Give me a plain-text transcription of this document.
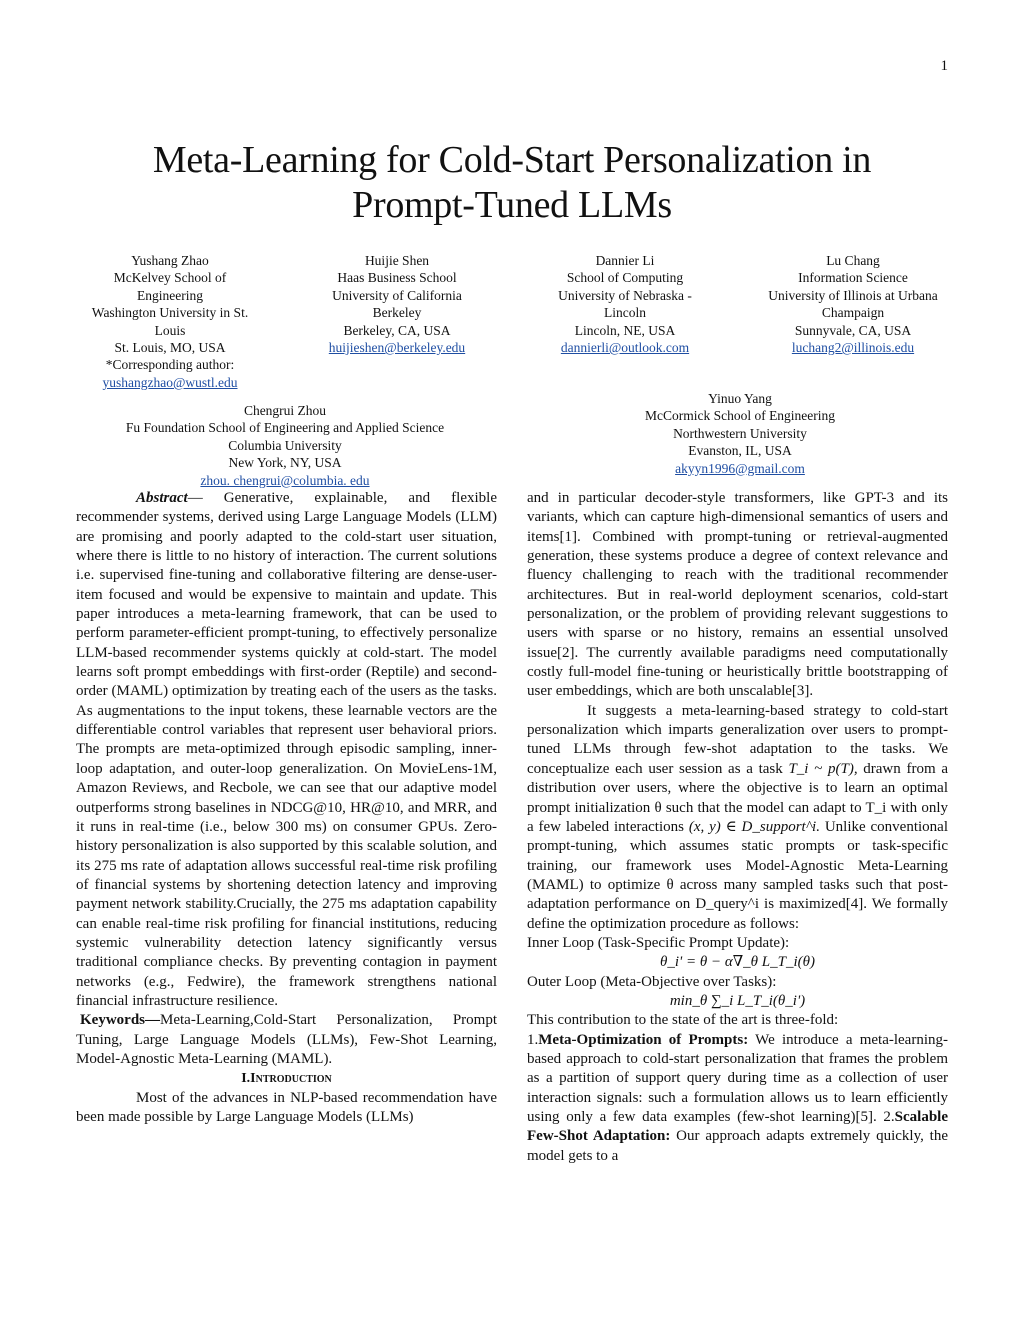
1
Meta-Learning for Cold-Start Personalization in
Prompt-Tuned LLMs
Yushang Zhao
McKelvey School of
Engineering
Washington University in St.
Louis
St. Louis, MO, USA
*Corresponding author:
yushangzhao@wustl.edu
Huijie Shen
Haas Business School
University of California
Berkeley
Berkeley, CA, USA
huijieshen@berkeley.edu
Dannier Li
School of Computing
University of Nebraska -
Lincoln
Lincoln, NE, USA
dannierli@outlook.com
Lu Chang
Information Science
University of Illinois at Urbana
Champaign
Sunnyvale, CA, USA
luchang2@illinois.edu
Chengrui Zhou
Fu Foundation School of Engineering and Applied Science
Columbia University
New York, NY, USA
zhou. chengrui@columbia. edu
Yinuo Yang
McCormick School of Engineering
Northwestern University
Evanston, IL, USA
akyyn1996@gmail.com

Abstract— Generative, explainable, and flexible recommender systems, derived using Large Language Models (LLM) are promising and poorly adapted to the cold-start user situation, where there is little to no history of interaction. The current solutions i.e. supervised fine-tuning and collaborative filtering are dense-user-item focused and would be expensive to maintain and update. This paper introduces a meta-learning framework, that can be used to perform parameter-efficient prompt-tuning, to effectively personalize LLM-based recommender systems quickly at cold-start. The model learns soft prompt embeddings with first-order (Reptile) and second-order (MAML) optimization by treating each of the users as the tasks. As augmentations to the input tokens, these learnable vectors are the differentiable control variables that represent user behavioral priors. The prompts are meta-optimized through episodic sampling, inner-loop adaptation, and outer-loop generalization. On MovieLens-1M, Amazon Reviews, and Recbole, we can see that our adaptive model outperforms strong baselines in NDCG@10, HR@10, and MRR, and it runs in real-time (i.e., below 300 ms) on consumer GPUs. Zero-history personalization is also supported by this scalable solution, and its 275 ms rate of adaptation allows successful real-time risk profiling of financial systems by shortening detection latency and improving payment network stability.Crucially, the 275 ms adaptation capability can enable real-time risk profiling for financial institutions, reducing systemic vulnerability detection latency significantly versus traditional compliance checks. By preventing contagion in payment networks (e.g., Fedwire), the framework strengthens national financial infrastructure resilience.

Keywords—Meta-Learning,Cold-Start Personalization, Prompt Tuning, Large Language Models (LLMs), Few-Shot Learning, Model-Agnostic Meta-Learning (MAML).

I.Introduction

Most of the advances in NLP-based recommendation have been made possible by Large Language Models (LLMs)

and in particular decoder-style transformers, like GPT-3 and its variants, which can capture high-dimensional semantics of users and items[1]. Combined with prompt-tuning or retrieval-augmented generation, these systems produce a degree of context relevance and fluency challenging to reach with the traditional recommender architectures. But in real-world deployment scenarios, cold-start personalization, or the problem of providing relevant suggestions to users with sparse or no history, remains an essential unsolved issue[2]. The currently available paradigms need computationally costly full-model fine-tuning or heuristically brittle bootstrapping of user embeddings, which are both unscalable[3].

It suggests a meta-learning-based strategy to cold-start personalization which imparts generalization over users to prompt-tuned LLMs through few-shot adaptation to the tasks. We conceptualize each user session as a task T_i ~ p(T), drawn from a distribution over users, where the objective is to learn an optimal prompt initialization θ such that the model can adapt to T_i with only a few labeled interactions (x, y) ∈ D_support^i. Unlike conventional prompt-tuning, which assumes static prompts or task-specific training, our framework uses Model-Agnostic Meta-Learning (MAML) to optimize θ across many sampled tasks such that post-adaptation performance on D_query^i is maximized[4]. We formally define the optimization procedure as follows:

Inner Loop (Task-Specific Prompt Update):

θ_i' = θ − α∇_θ L_T_i(θ)

Outer Loop (Meta-Objective over Tasks):

min_θ ∑_i L_T_i(θ_i')

This contribution to the state of the art is three-fold:

1.Meta-Optimization of Prompts: We introduce a meta-learning-based approach to cold-start personalization that frames the problem as a partition of support query during time as a collection of user interaction signals: such a formulation allows us to learn efficiently using only a few data examples (few-shot learning)[5]. 2.Scalable Few-Shot Adaptation: Our approach adapts extremely quickly, the model gets to a
